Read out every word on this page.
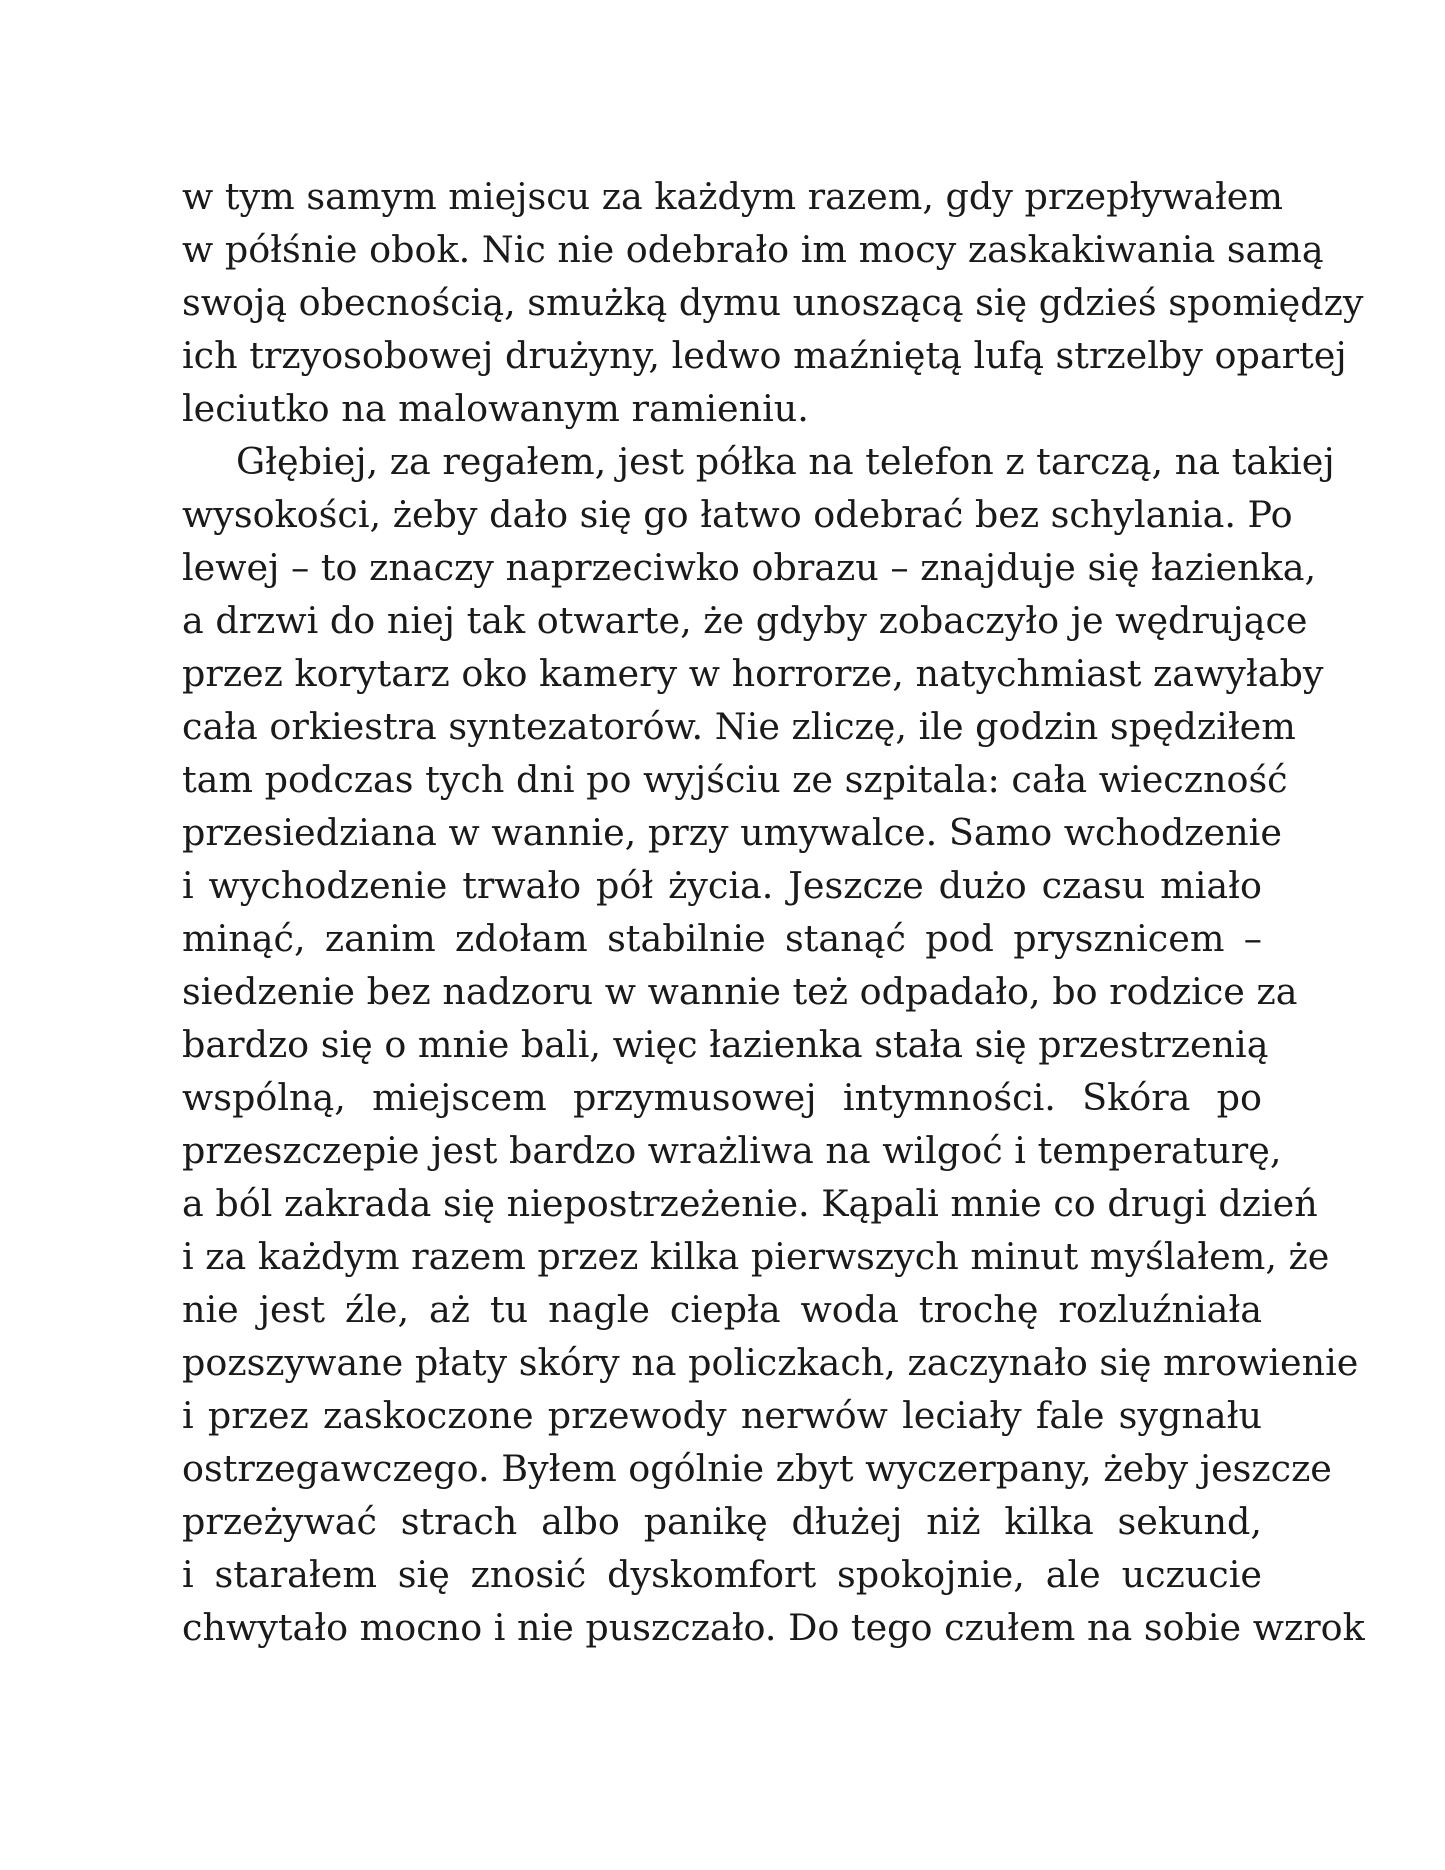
w tym samym miejscu za każdym razem, gdy przepływałem
w półśnie obok. Nic nie odebrało im mocy zaskakiwania samą
swoją obecnością, smużką dymu unoszącą się gdzieś spomiędzy
ich trzyosobowej drużyny, ledwo maźniętą lufą strzelby opartej
leciutko na malowanym ramieniu.
Głębiej, za regałem, jest półka na telefon z tarczą, na takiej
wysokości, żeby dało się go łatwo odebrać bez schylania. Po
lewej – to znaczy naprzeciwko obrazu – znajduje się łazienka,
a drzwi do niej tak otwarte, że gdyby zobaczyło je wędrujące
przez korytarz oko kamery w horrorze, natychmiast zawyłaby
cała orkiestra syntezatorów. Nie zliczę, ile godzin spędziłem
tam podczas tych dni po wyjściu ze szpitala: cała wieczność
przesiedziana w wannie, przy umywalce. Samo wchodzenie
i wychodzenie trwało pół życia. Jeszcze dużo czasu miało
minąć, zanim zdołam stabilnie stanąć pod prysznicem –
siedzenie bez nadzoru w wannie też odpadało, bo rodzice za
bardzo się o mnie bali, więc łazienka stała się przestrzenią
wspólną, miejscem przymusowej intymności. Skóra po
przeszczepie jest bardzo wrażliwa na wilgoć i temperaturę,
a ból zakrada się niepostrzeżenie. Kąpali mnie co drugi dzień
i za każdym razem przez kilka pierwszych minut myślałem, że
nie jest źle, aż tu nagle ciepła woda trochę rozluźniała
pozszywane płaty skóry na policzkach, zaczynało się mrowienie
i przez zaskoczone przewody nerwów leciały fale sygnału
ostrzegawczego. Byłem ogólnie zbyt wyczerpany, żeby jeszcze
przeżywać strach albo panikę dłużej niż kilka sekund,
i starałem się znosić dyskomfort spokojnie, ale uczucie
chwytało mocno i nie puszczało. Do tego czułem na sobie wzrok
